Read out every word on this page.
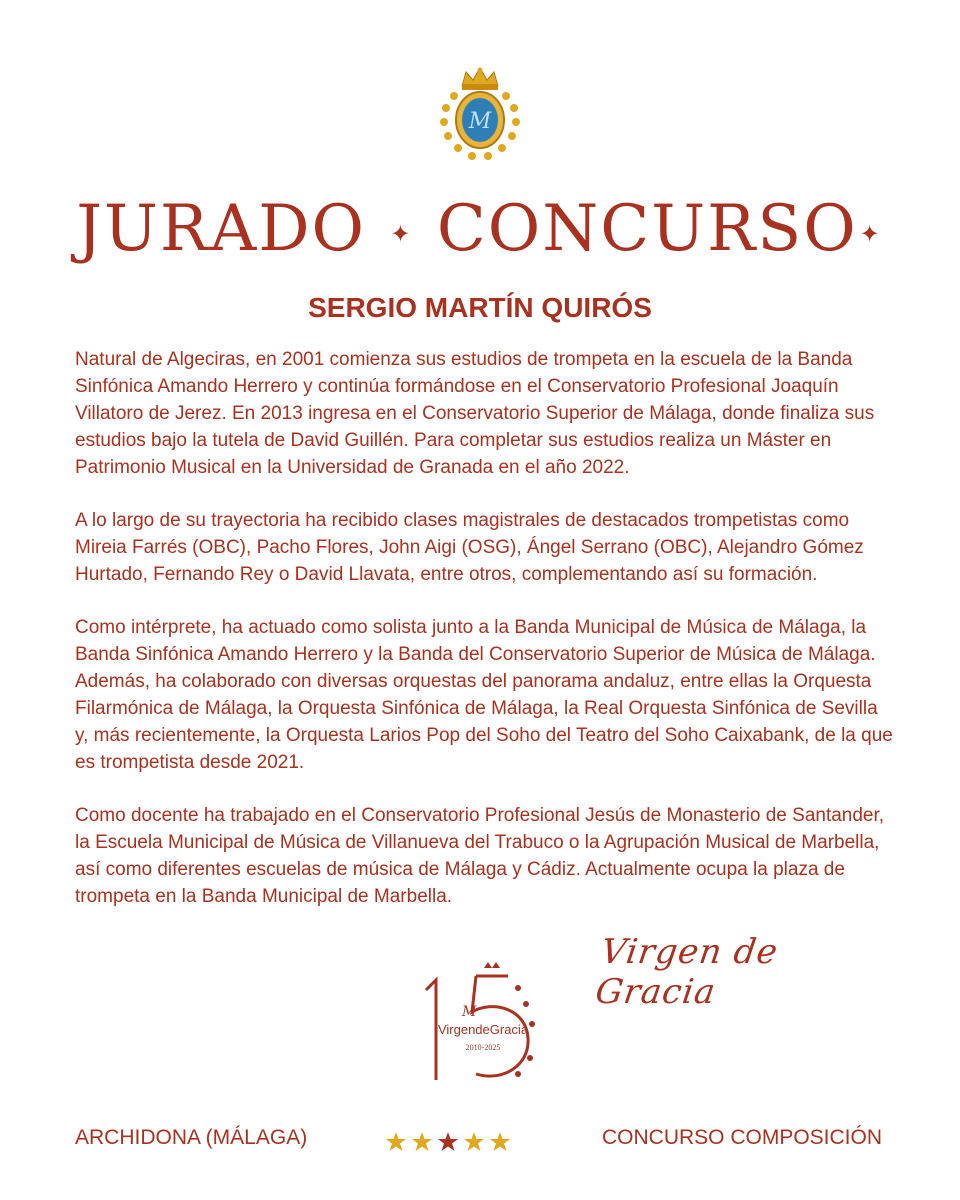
M
JURADO ✦ CONCURSO✦
SERGIO MARTÍN QUIRÓS

Natural de Algeciras, en 2001 comienza sus estudios de trompeta en la escuela de la Banda Sinfónica Amando Herrero y continúa formándose en el Conservatorio Profesional Joaquín Villatoro de Jerez. En 2013 ingresa en el Conservatorio Superior de Málaga, donde finaliza sus estudios bajo la tutela de David Guillén. Para completar sus estudios realiza un Máster en Patrimonio Musical en la Universidad de Granada en el año 2022.

A lo largo de su trayectoria ha recibido clases magistrales de destacados trompetistas como Mireia Farrés (OBC), Pacho Flores, John Aigi (OSG), Ángel Serrano (OBC), Alejandro Gómez Hurtado, Fernando Rey o David Llavata, entre otros, complementando así su formación.

Como intérprete, ha actuado como solista junto a la Banda Municipal de Música de Málaga, la Banda Sinfónica Amando Herrero y la Banda del Conservatorio Superior de Música de Málaga. Además, ha colaborado con diversas orquestas del panorama andaluz, entre ellas la Orquesta Filarmónica de Málaga, la Orquesta Sinfónica de Málaga, la Real Orquesta Sinfónica de Sevilla y, más recientemente, la Orquesta Larios Pop del Soho del Teatro del Soho Caixabank, de la que es trompetista desde 2021.

Como docente ha trabajado en el Conservatorio Profesional Jesús de Monasterio de Santander, la Escuela Municipal de Música de Villanueva del Trabuco o la Agrupación Musical de Marbella, así como diferentes escuelas de música de Málaga y Cádiz. Actualmente ocupa la plaza de trompeta en la Banda Municipal de Marbella.

Virgen de Gracia
M
VirgendeGracia
2010-2025
ARCHIDONA (MÁLAGA)	CONCURSO COMPOSICIÓN
